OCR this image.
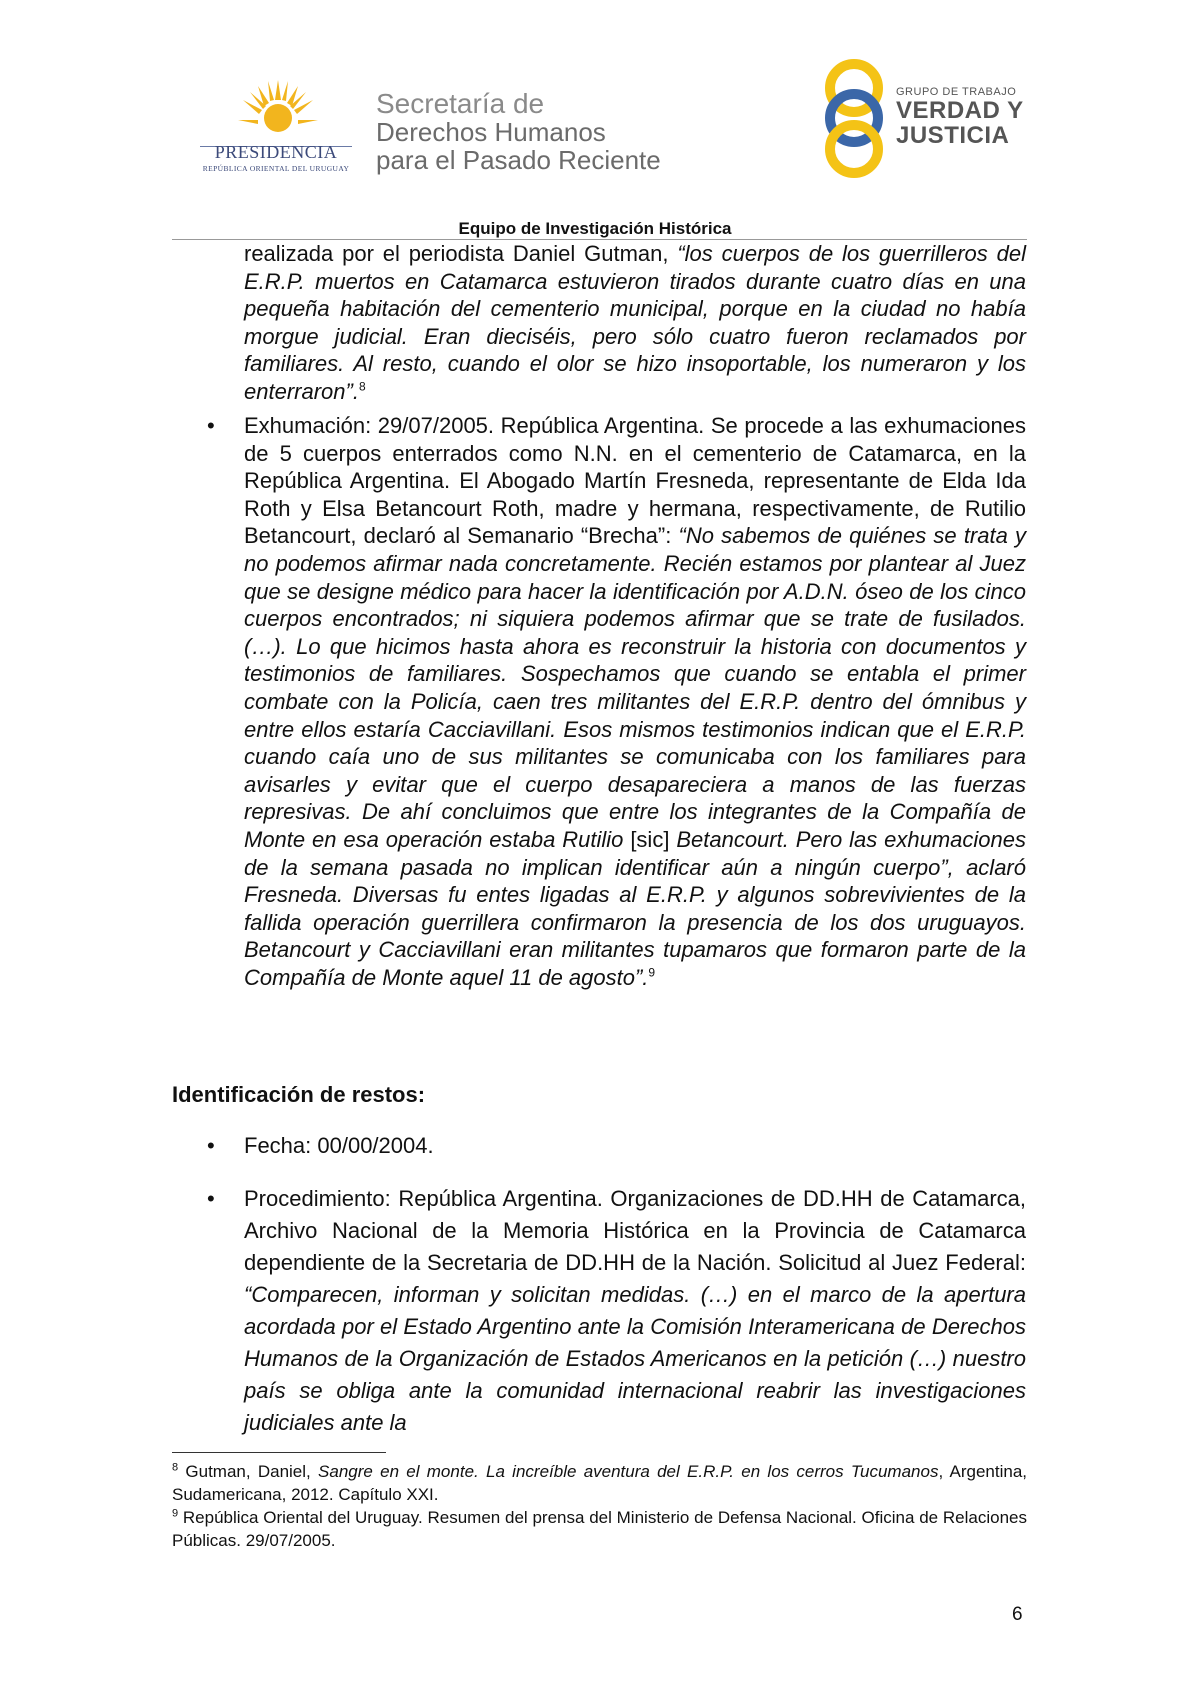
PRESIDENCIA
REPÚBLICA ORIENTAL DEL URUGUAY
Secretaría de
Derechos Humanos
para el Pasado Reciente
GRUPO DE TRABAJO
VERDAD Y
JUSTICIA
Equipo de Investigación Histórica
realizada por el periodista Daniel Gutman, “los cuerpos de los guerrilleros del E.R.P. muertos en Catamarca estuvieron tirados durante cuatro días en una pequeña habitación del cementerio municipal, porque en la ciudad no había morgue judicial. Eran dieciséis, pero sólo cuatro fueron reclamados por familiares. Al resto, cuando el olor se hizo insoportable, los numeraron y los enterraron”.$^8$
• Exhumación: 29/07/2005. República Argentina. Se procede a las exhumaciones de 5 cuerpos enterrados como N.N. en el cementerio de Catamarca, en la República Argentina. El Abogado Martín Fresneda, representante de Elda Ida Roth y Elsa Betancourt Roth, madre y hermana, respectivamente, de Rutilio Betancourt, declaró al Semanario “Brecha”: “No sabemos de quiénes se trata y no podemos afirmar nada concretamente. Recién estamos por plantear al Juez que se designe médico para hacer la identificación por A.D.N. óseo de los cinco cuerpos encontrados; ni siquiera podemos afirmar que se trate de fusilados. (…). Lo que hicimos hasta ahora es reconstruir la historia con documentos y testimonios de familiares. Sospechamos que cuando se entabla el primer combate con la Policía, caen tres militantes del E.R.P. dentro del ómnibus y entre ellos estaría Cacciavillani. Esos mismos testimonios indican que el E.R.P. cuando caía uno de sus militantes se comunicaba con los familiares para avisarles y evitar que el cuerpo desapareciera a manos de las fuerzas represivas. De ahí concluimos que entre los integrantes de la Compañía de Monte en esa operación estaba Rutilio [sic] Betancourt. Pero las exhumaciones de la semana pasada no implican identificar aún a ningún cuerpo”, aclaró Fresneda. Diversas fu entes ligadas al E.R.P. y algunos sobrevivientes de la fallida operación guerrillera confirmaron la presencia de los dos uruguayos. Betancourt y Cacciavillani eran militantes tupamaros que formaron parte de la Compañía de Monte aquel 11 de agosto”.$^9$
Identificación de restos:
• Fecha: 00/00/2004.
• Procedimiento: República Argentina. Organizaciones de DD.HH de Catamarca, Archivo Nacional de la Memoria Histórica en la Provincia de Catamarca dependiente de la Secretaria de DD.HH de la Nación. Solicitud al Juez Federal: “Comparecen, informan y solicitan medidas. (…) en el marco de la apertura acordada por el Estado Argentino ante la Comisión Interamericana de Derechos Humanos de la Organización de Estados Americanos en la petición (…) nuestro país se obliga ante la comunidad internacional reabrir las investigaciones judiciales ante la
$^8$ Gutman, Daniel, Sangre en el monte. La increíble aventura del E.R.P. en los cerros Tucumanos, Argentina, Sudamericana, 2012. Capítulo XXI.
$^9$ República Oriental del Uruguay. Resumen del prensa del Ministerio de Defensa Nacional. Oficina de Relaciones Públicas. 29/07/2005.
6
